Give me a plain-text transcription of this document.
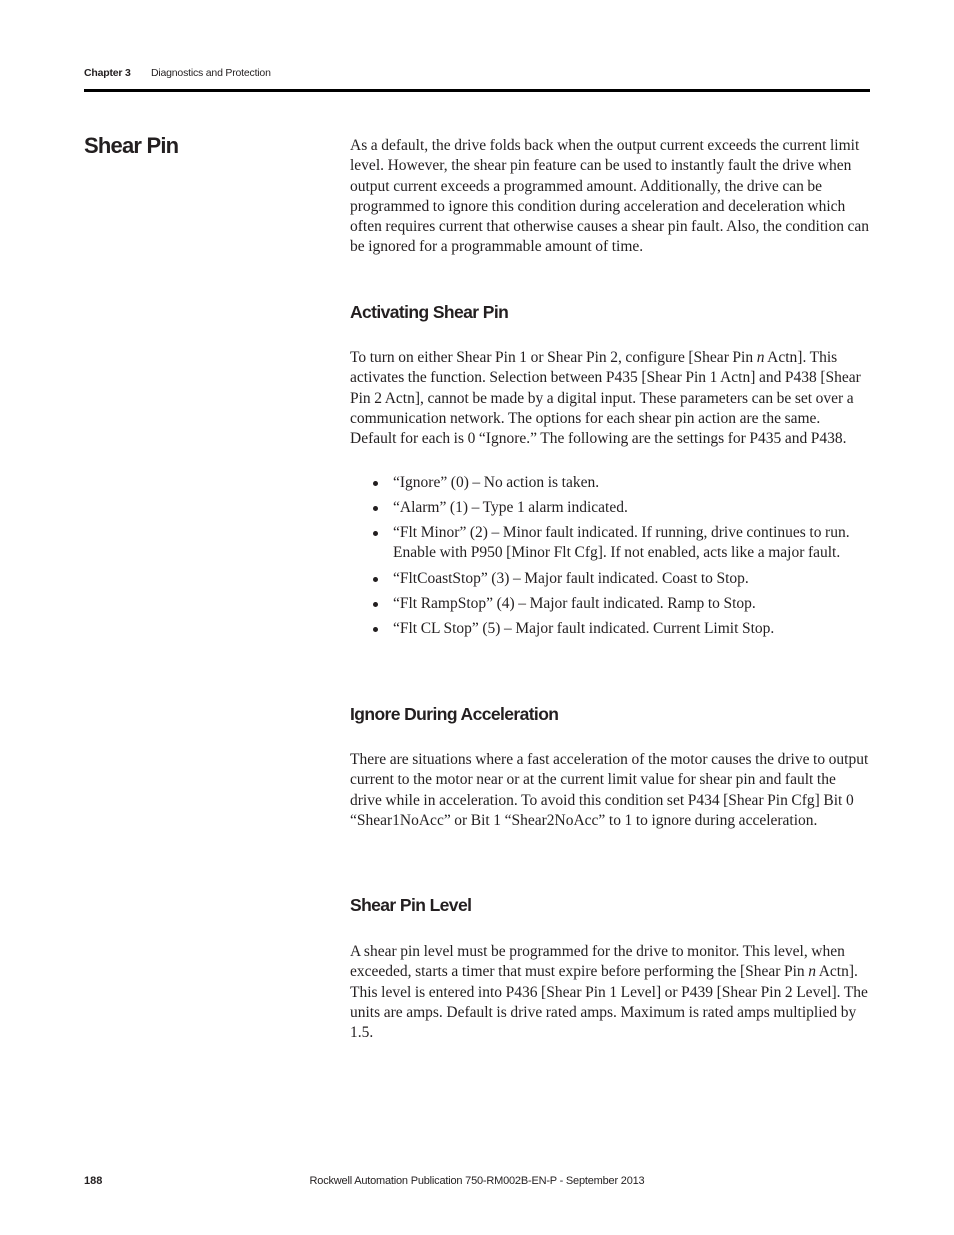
Chapter 3 Diagnostics and Protection
Shear Pin	As a default, the drive folds back when the output current exceeds the current limit level. However, the shear pin feature can be used to instantly fault the drive when output current exceeds a programmed amount. Additionally, the drive can be programmed to ignore this condition during acceleration and deceleration which often requires current that otherwise causes a shear pin fault. Also, the condition can be ignored for a programmable amount of time.

Activating Shear Pin

To turn on either Shear Pin 1 or Shear Pin 2, configure [Shear Pin n Actn]. This activates the function. Selection between P435 [Shear Pin 1 Actn] and P438 [Shear Pin 2 Actn], cannot be made by a digital input. These parameters can be set over a communication network. The options for each shear pin action are the same. Default for each is 0 “Ignore.” The following are the settings for P435 and P438.

“Ignore” (0) – No action is taken.
“Alarm” (1) – Type 1 alarm indicated.
“Flt Minor” (2) – Minor fault indicated. If running, drive continues to run. Enable with P950 [Minor Flt Cfg]. If not enabled, acts like a major fault.
“FltCoastStop” (3) – Major fault indicated. Coast to Stop.
“Flt RampStop” (4) – Major fault indicated. Ramp to Stop.
“Flt CL Stop” (5) – Major fault indicated. Current Limit Stop.
Ignore During Acceleration

There are situations where a fast acceleration of the motor causes the drive to output current to the motor near or at the current limit value for shear pin and fault the drive while in acceleration. To avoid this condition set P434 [Shear Pin Cfg] Bit 0 “Shear1NoAcc” or Bit 1 “Shear2NoAcc” to 1 to ignore during acceleration.

Shear Pin Level

A shear pin level must be programmed for the drive to monitor. This level, when exceeded, starts a timer that must expire before performing the [Shear Pin n Actn]. This level is entered into P436 [Shear Pin 1 Level] or P439 [Shear Pin 2 Level]. The units are amps. Default is drive rated amps. Maximum is rated amps multiplied by 1.5.

188	Rockwell Automation Publication 750-RM002B-EN-P - September 2013
